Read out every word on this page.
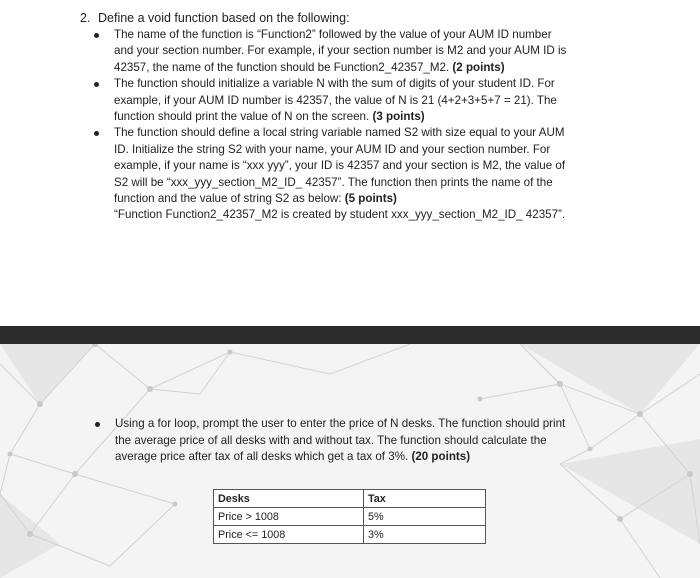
2. Define a void function based on the following:

The name of the function is “Function2” followed by the value of your AUM ID number

and your section number. For example, if your section number is M2 and your AUM ID is

42357, the name of the function should be Function2_42357_M2. (2 points)

The function should initialize a variable N with the sum of digits of your student ID. For

example, if your AUM ID number is 42357, the value of N is 21 (4+2+3+5+7 = 21). The

function should print the value of N on the screen. (3 points)

The function should define a local string variable named S2 with size equal to your AUM

ID. Initialize the string S2 with your name, your AUM ID and your section number. For

example, if your name is “xxx yyy”, your ID is 42357 and your section is M2, the value of

S2 will be “xxx_yyy_section_M2_ID_ 42357”. The function then prints the name of the

function and the value of string S2 as below: (5 points)

“Function Function2_42357_M2 is created by student xxx_yyy_section_M2_ID_ 42357”.

Using a for loop, prompt the user to enter the price of N desks. The function should print

the average price of all desks with and without tax. The function should calculate the

average price after tax of all desks which get a tax of 3%. (20 points)

Desks	Tax
Price > 1008	5%
Price <= 1008	3%
